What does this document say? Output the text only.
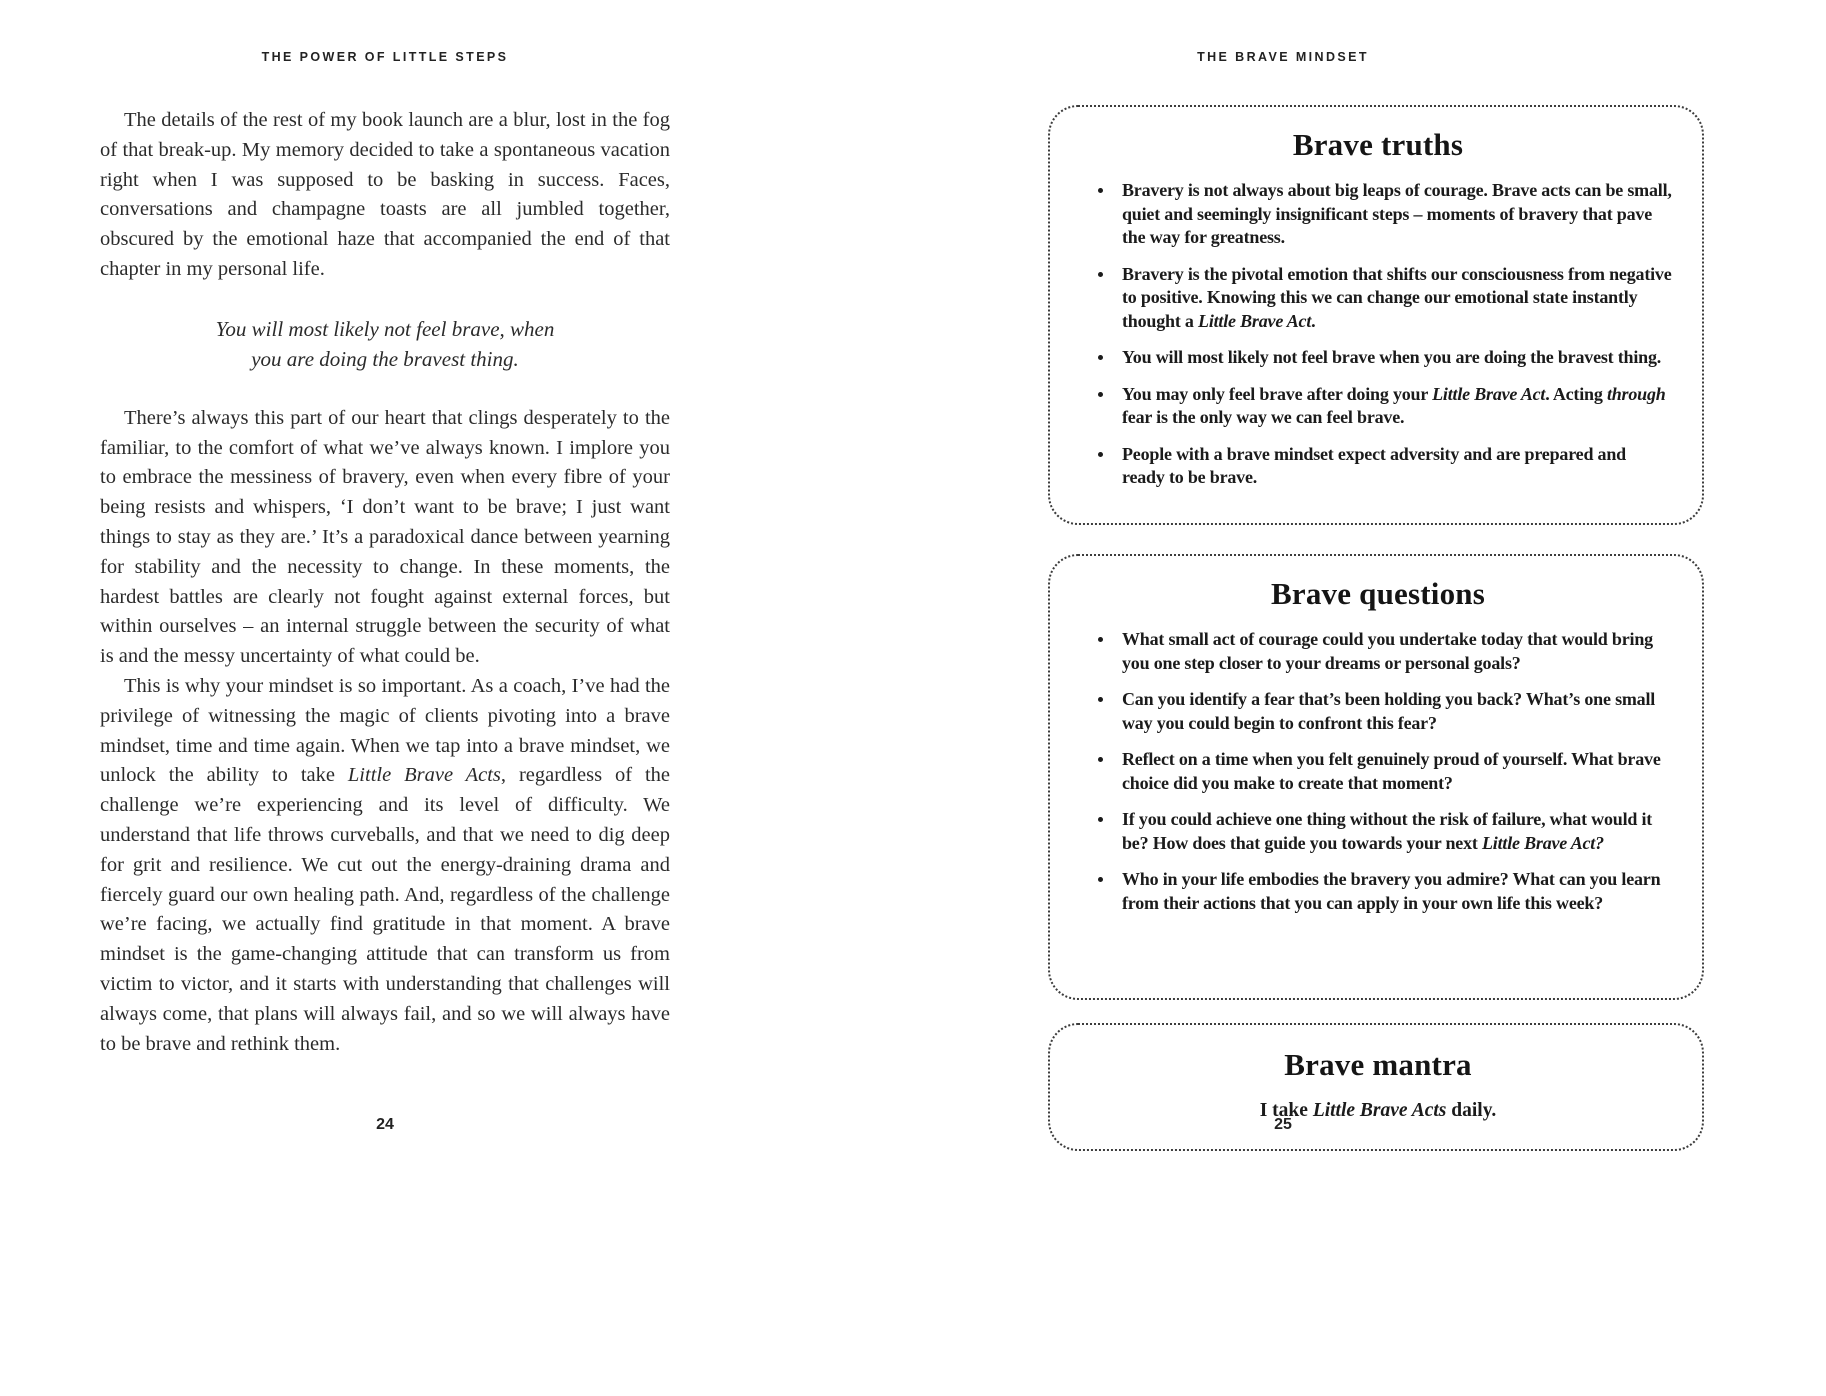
THE POWER OF LITTLE STEPS

The details of the rest of my book launch are a blur, lost in the fog of that break-up. My memory decided to take a spontaneous vacation right when I was supposed to be basking in success. Faces, conversations and champagne toasts are all jumbled together, obscured by the emotional haze that accompanied the end of that chapter in my personal life.

You will most likely not feel brave, when
you are doing the bravest thing.

There’s always this part of our heart that clings desperately to the familiar, to the comfort of what we’ve always known. I implore you to embrace the messiness of bravery, even when every fibre of your being resists and whispers, ‘I don’t want to be brave; I just want things to stay as they are.’ It’s a paradoxical dance between yearning for stability and the necessity to change. In these moments, the hardest battles are clearly not fought against external forces, but within ourselves – an internal struggle between the security of what is and the messy uncertainty of what could be.

This is why your mindset is so important. As a coach, I’ve had the privilege of witnessing the magic of clients pivoting into a brave mindset, time and time again. When we tap into a brave mindset, we unlock the ability to take Little Brave Acts, regardless of the challenge we’re experiencing and its level of difficulty. We understand that life throws curveballs, and that we need to dig deep for grit and resilience. We cut out the energy-draining drama and fiercely guard our own healing path. And, regardless of the challenge we’re facing, we actually find gratitude in that moment. A brave mindset is the game-changing attitude that can transform us from victim to victor, and it starts with understanding that challenges will always come, that plans will always fail, and so we will always have to be brave and rethink them.

24
THE BRAVE MINDSET
Brave truths
Bravery is not always about big leaps of courage. Brave acts can be small, quiet and seemingly insignificant steps – moments of bravery that pave the way for greatness.
Bravery is the pivotal emotion that shifts our consciousness from negative to positive. Knowing this we can change our emotional state instantly thought a Little Brave Act.
You will most likely not feel brave when you are doing the bravest thing.
You may only feel brave after doing your Little Brave Act. Acting through fear is the only way we can feel brave.
People with a brave mindset expect adversity and are prepared and ready to be brave.
Brave questions
What small act of courage could you undertake today that would bring you one step closer to your dreams or personal goals?
Can you identify a fear that’s been holding you back? What’s one small way you could begin to confront this fear?
Reflect on a time when you felt genuinely proud of yourself. What brave choice did you make to create that moment?
If you could achieve one thing without the risk of failure, what would it be? How does that guide you towards your next Little Brave Act?
Who in your life embodies the bravery you admire? What can you learn from their actions that you can apply in your own life this week?
Brave mantra

I take Little Brave Acts daily.

25
